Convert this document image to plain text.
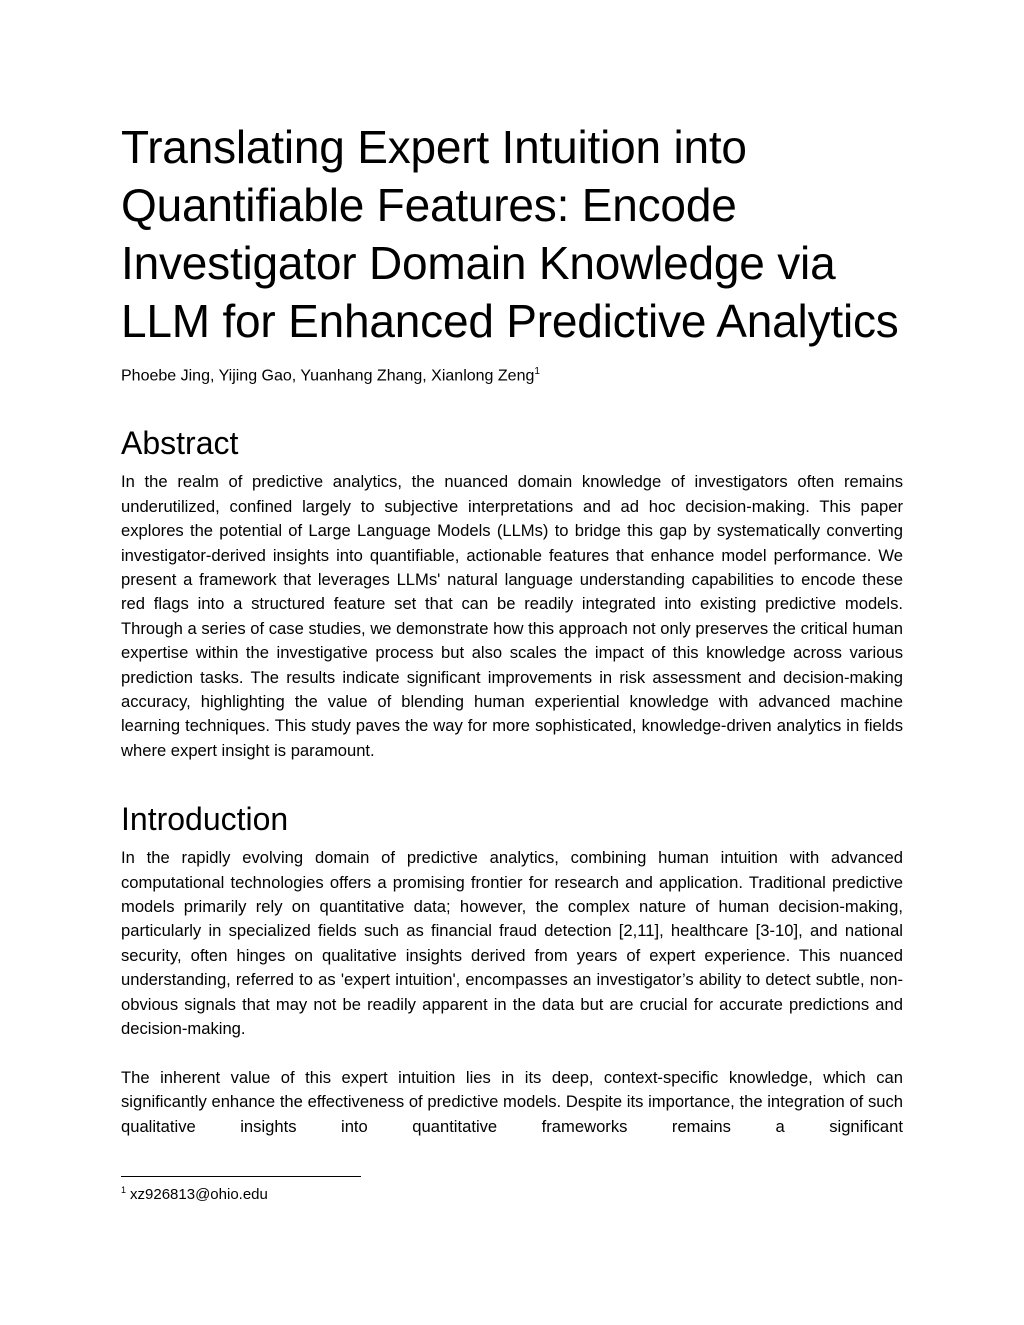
Translating Expert Intuition into Quantifiable Features: Encode Investigator Domain Knowledge via LLM for Enhanced Predictive Analytics
Phoebe Jing, Yijing Gao, Yuanhang Zhang, Xianlong Zeng$^1$
Abstract

In the realm of predictive analytics, the nuanced domain knowledge of investigators often remains underutilized, confined largely to subjective interpretations and ad hoc decision-making. This paper explores the potential of Large Language Models (LLMs) to bridge this gap by systematically converting investigator-derived insights into quantifiable, actionable features that enhance model performance. We present a framework that leverages LLMs' natural language understanding capabilities to encode these red flags into a structured feature set that can be readily integrated into existing predictive models. Through a series of case studies, we demonstrate how this approach not only preserves the critical human expertise within the investigative process but also scales the impact of this knowledge across various prediction tasks. The results indicate significant improvements in risk assessment and decision-making accuracy, highlighting the value of blending human experiential knowledge with advanced machine learning techniques. This study paves the way for more sophisticated, knowledge-driven analytics in fields where expert insight is paramount.

Introduction

In the rapidly evolving domain of predictive analytics, combining human intuition with advanced computational technologies offers a promising frontier for research and application. Traditional predictive models primarily rely on quantitative data; however, the complex nature of human decision-making, particularly in specialized fields such as financial fraud detection [2,11], healthcare [3-10], and national security, often hinges on qualitative insights derived from years of expert experience. This nuanced understanding, referred to as 'expert intuition', encompasses an investigator’s ability to detect subtle, non-obvious signals that may not be readily apparent in the data but are crucial for accurate predictions and decision-making.

The inherent value of this expert intuition lies in its deep, context-specific knowledge, which can significantly enhance the effectiveness of predictive models. Despite its importance, the integration of such qualitative insights into quantitative frameworks remains a significant

$^1$ xz926813@ohio.edu
